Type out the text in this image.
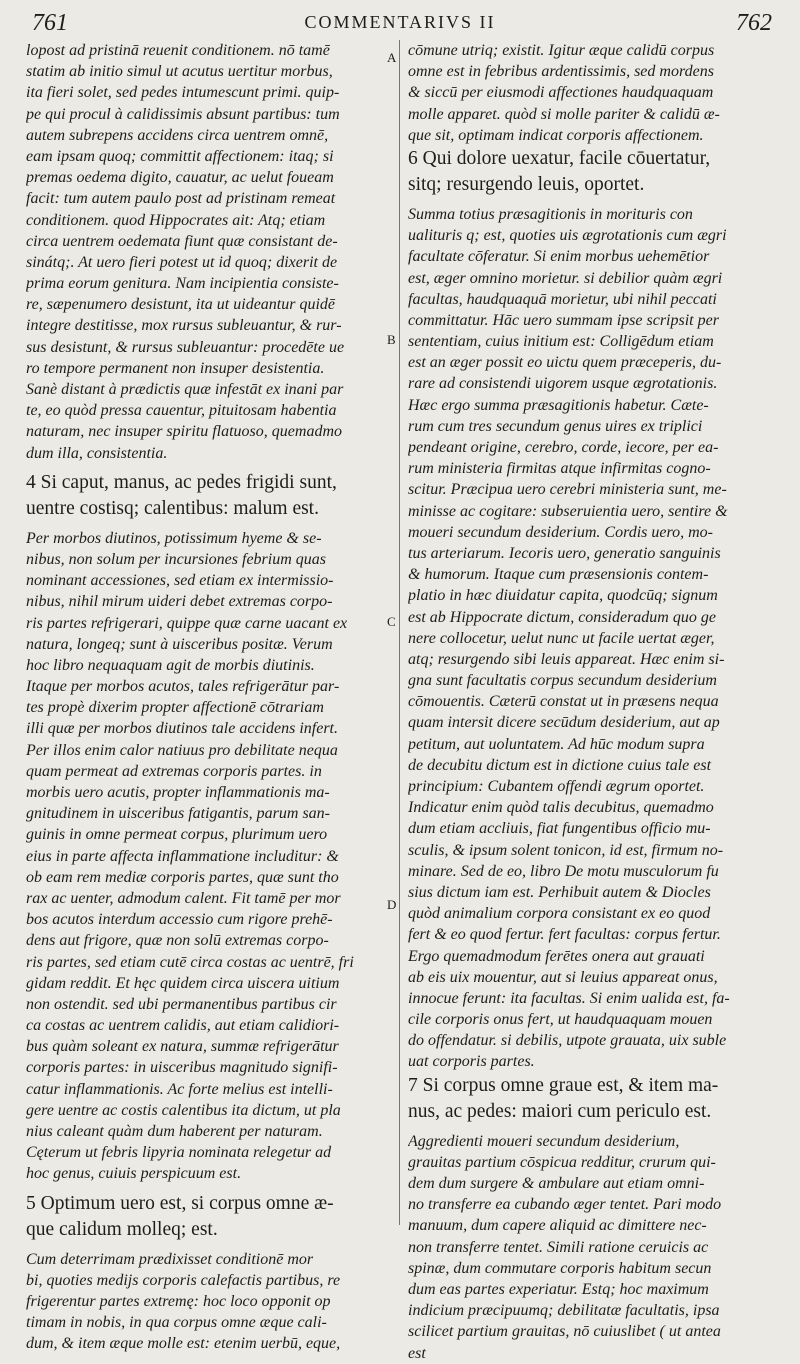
761	COMMENTARIVS II	762
lopost ad pristinā reuenit conditionem. nō tamē
statim ab initio simul ut acutus uertitur morbus,
ita fieri solet, sed pedes intumescunt primi. quip-
pe qui procul à calidissimis absunt partibus: tum
autem subrepens accidens circa uentrem omnē,
eam ipsam quoq; committit affectionem: itaq; si
premas oedema digito, cauatur, ac uelut foueam
facit: tum autem paulo post ad pristinam remeat
conditionem. quod Hippocrates ait: Atq; etiam
circa uentrem oedemata fiunt quæ consistant de-
sinátq;. At uero fieri potest ut id quoq; dixerit de
prima eorum genitura. Nam incipientia consiste-
re, sæpenumero desistunt, ita ut uideantur quidē
integre destitisse, mox rursus subleuantur, & rur-
sus desistunt, & rursus subleuantur: procedēte ue
ro tempore permanent non insuper desistentia.
Sanè distant à prædictis quæ infestāt ex inani par
te, eo quòd pressa cauentur, pituitosam habentia
naturam, nec insuper spiritu flatuoso, quemadmo
dum illa, consistentia.
4 Si caput, manus, ac pedes frigidi sunt,
uentre costisq; calentibus: malum est.
Per morbos diutinos, potissimum hyeme & se-
nibus, non solum per incursiones febrium quas
nominant accessiones, sed etiam ex intermissio-
nibus, nihil mirum uideri debet extremas corpo-
ris partes refrigerari, quippe quæ carne uacant ex
natura, longeq; sunt à uisceribus positæ. Verum
hoc libro nequaquam agit de morbis diutinis.
Itaque per morbos acutos, tales refrigerātur par-
tes propè dixerim propter affectionē cōtrariam
illi quæ per morbos diutinos tale accidens infert.
Per illos enim calor natiuus pro debilitate nequa
quam permeat ad extremas corporis partes. in
morbis uero acutis, propter inflammationis ma-
gnitudinem in uisceribus fatigantis, parum san-
guinis in omne permeat corpus, plurimum uero
eius in parte affecta inflammatione includitur: &
ob eam rem mediæ corporis partes, quæ sunt tho
rax ac uenter, admodum calent. Fit tamē per mor
bos acutos interdum accessio cum rigore prehē-
dens aut frigore, quæ non solū extremas corpo-
ris partes, sed etiam cutē circa costas ac uentrē, fri
gidam reddit. Et hęc quidem circa uiscera uitium
non ostendit. sed ubi permanentibus partibus cir
ca costas ac uentrem calidis, aut etiam calidiori-
bus quàm soleant ex natura, summæ refrigerātur
corporis partes: in uisceribus magnitudo signifi-
catur inflammationis. Ac forte melius est intelli-
gere uentre ac costis calentibus ita dictum, ut pla
nius caleant quàm dum haberent per naturam.
Cęterum ut febris lipyria nominata relegetur ad
hoc genus, cuiuis perspicuum est.
5 Optimum uero est, si corpus omne æ-
que calidum molleq; est.
Cum deterrimam prædixisset conditionē mor
bi, quoties medijs corporis calefactis partibus, re
frigerentur partes extremę: hoc loco opponit op
timam in nobis, in qua corpus omne æque cali-
dum, & item æque molle est: etenim uerbū, eque,
cōmune utriq; existit. Igitur æque calidū corpus
omne est in febribus ardentissimis, sed mordens
& siccū per eiusmodi affectiones haudquaquam
molle apparet. quòd si molle pariter & calidū æ-
que sit, optimam indicat corporis affectionem.
6 Qui dolore uexatur, facile cōuertatur,
sitq; resurgendo leuis, oportet.
Summa totius præsagitionis in morituris con
ualituris q; est, quoties uis ægrotationis cum ægri
facultate cōferatur. Si enim morbus uehemētior
est, æger omnino morietur. si debilior quàm ægri
facultas, haudquaquā morietur, ubi nihil peccati
committatur. Hāc uero summam ipse scripsit per
sententiam, cuius initium est: Colligēdum etiam
est an æger possit eo uictu quem præceperis, du-
rare ad consistendi uigorem usque ægrotationis.
Hæc ergo summa præsagitionis habetur. Cæte-
rum cum tres secundum genus uires ex triplici
pendeant origine, cerebro, corde, iecore, per ea-
rum ministeria firmitas atque infirmitas cogno-
scitur. Præcipua uero cerebri ministeria sunt, me-
minisse ac cogitare: subseruientia uero, sentire &
moueri secundum desiderium. Cordis uero, mo-
tus arteriarum. Iecoris uero, generatio sanguinis
& humorum. Itaque cum præsensionis contem-
platio in hæc diuidatur capita, quodcūq; signum
est ab Hippocrate dictum, consideradum quo ge
nere collocetur, uelut nunc ut facile uertat æger,
atq; resurgendo sibi leuis appareat. Hæc enim si-
gna sunt facultatis corpus secundum desiderium
cōmouentis. Cæterū constat ut in præsens nequa
quam intersit dicere secūdum desiderium, aut ap
petitum, aut uoluntatem. Ad hūc modum supra
de decubitu dictum est in dictione cuius tale est
principium: Cubantem offendi ægrum oportet.
Indicatur enim quòd talis decubitus, quemadmo
dum etiam accliuis, fiat fungentibus officio mu-
sculis, & ipsum solent tonicon, id est, firmum no-
minare. Sed de eo, libro De motu musculorum fu
sius dictum iam est. Perhibuit autem & Diocles
quòd animalium corpora consistant ex eo quod
fert & eo quod fertur. fert facultas: corpus fertur.
Ergo quemadmodum ferētes onera aut grauati
ab eis uix mouentur, aut si leuius appareat onus,
innocue ferunt: ita facultas. Si enim ualida est, fa-
cile corporis onus fert, ut haudquaquam mouen
do offendatur. si debilis, utpote grauata, uix suble
uat corporis partes.
7 Si corpus omne graue est, & item ma-
nus, ac pedes: maiori cum periculo est.
Aggredienti moueri secundum desiderium,
grauitas partium cōspicua redditur, crurum qui-
dem dum surgere & ambulare aut etiam omni-
no transferre ea cubando æger tentet. Pari modo
manuum, dum capere aliquid ac dimittere nec-
non transferre tentet. Simili ratione ceruicis ac
spinæ, dum commutare corporis habitum secun
dum eas partes experiatur. Estq; hoc maximum
indicium præcipuumq; debilitatæ facultatis, ipsa
scilicet partium grauitas, nō cuiuslibet ( ut antea
est
A
B
C
D
